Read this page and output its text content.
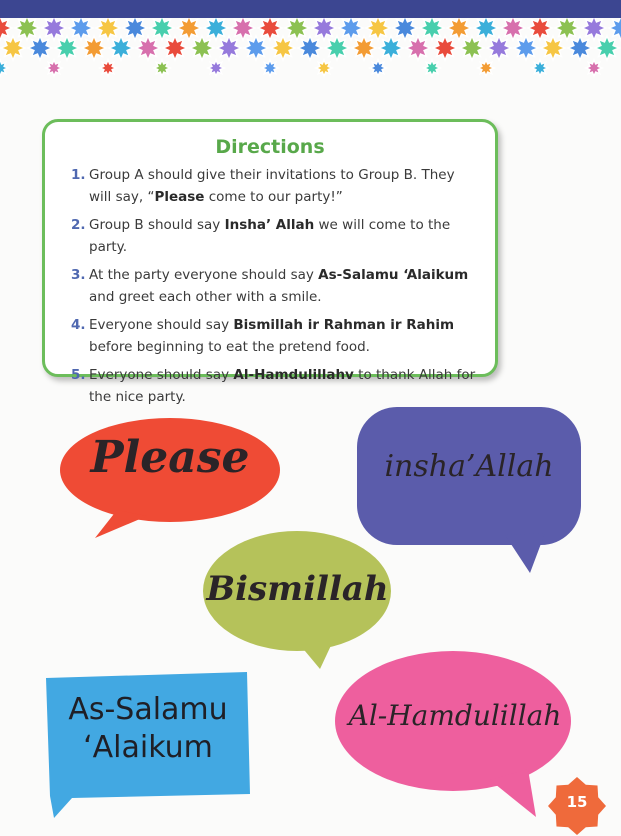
Directions
1. Group A should give their invitations to Group B. They will say, “Please come to our party!”
2. Group B should say Insha’ Allah we will come to the party.
3. At the party everyone should say As-Salamu ‘Alaikum and greet each other with a smile.
4. Everyone should say Bismillah ir Rahman ir Rahim before beginning to eat the pretend food.
5. Everyone should say Al-Hamdulillahv to thank Allah for the nice party.
Please	insha’Allah
Bismillah
As-Salamu
‘Alaikum
Al-Hamdulillah
15
